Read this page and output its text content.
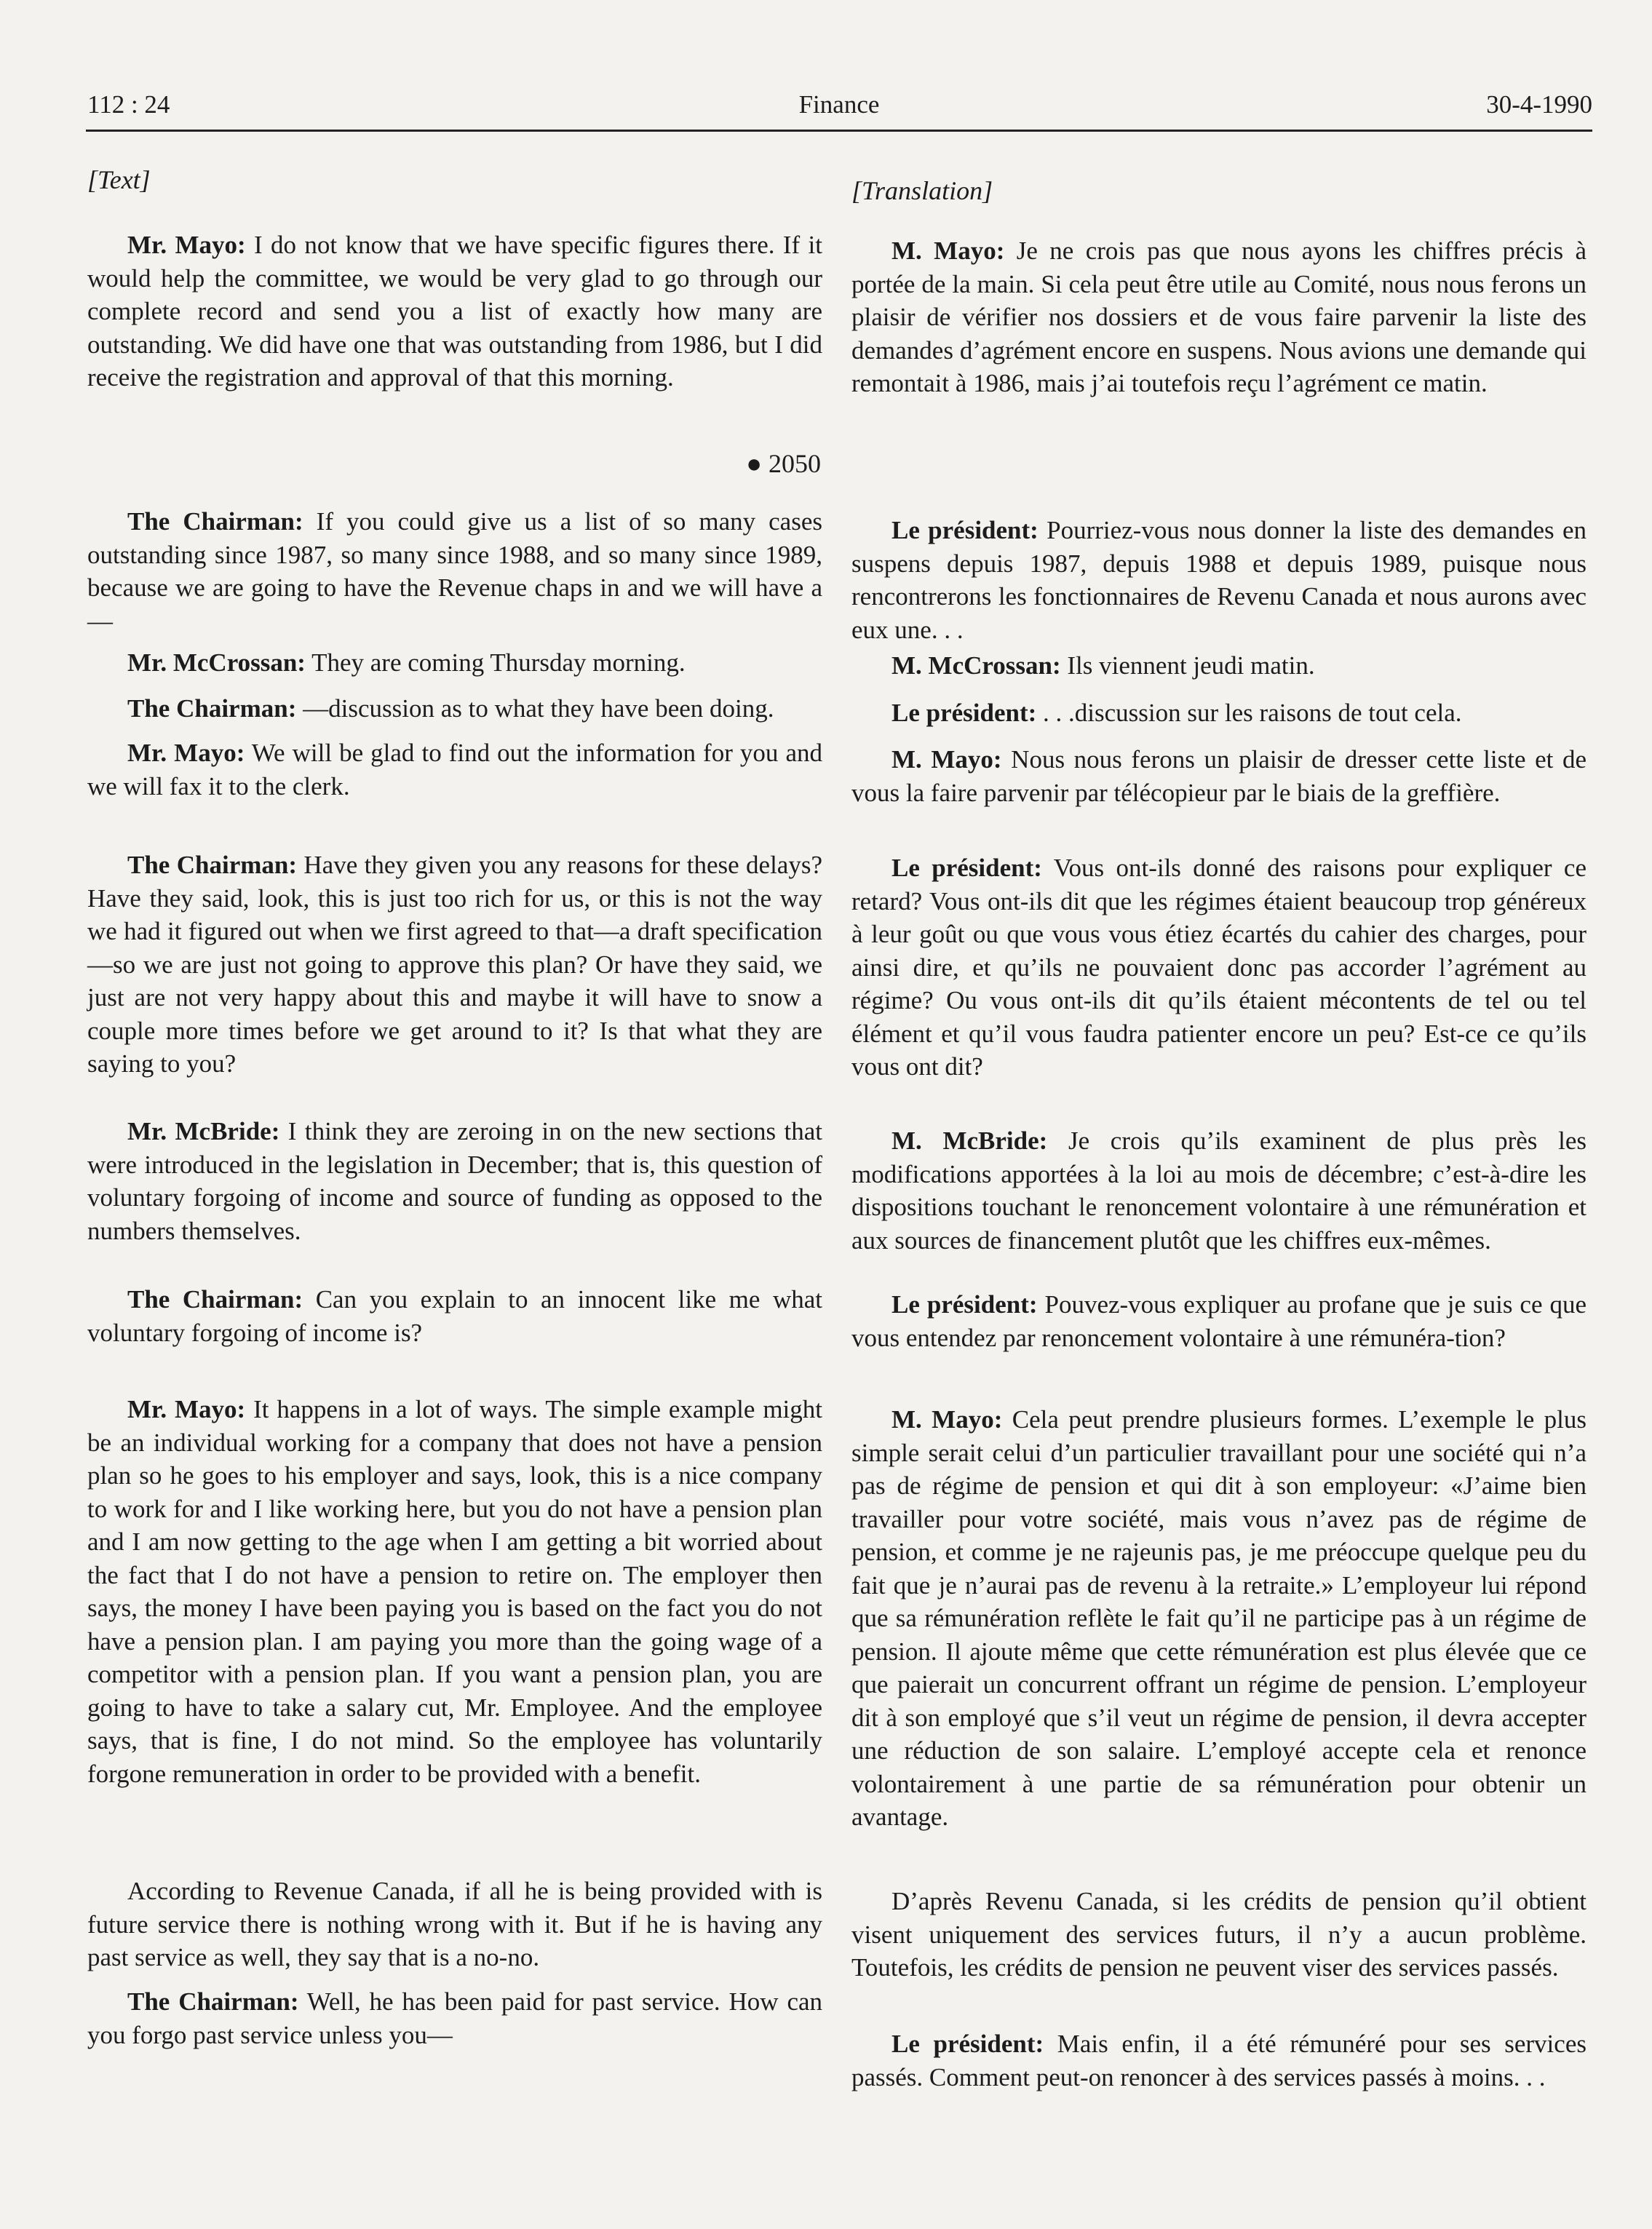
112 : 24	Finance	30-4-1990
[Text]

Mr. Mayo: I do not know that we have specific figures there. If it would help the committee, we would be very glad to go through our complete record and send you a list of exactly how many are outstanding. We did have one that was outstanding from 1986, but I did receive the registration and approval of that this morning.

● 2050

The Chairman: If you could give us a list of so many cases outstanding since 1987, so many since 1988, and so many since 1989, because we are going to have the Revenue chaps in and we will have a—

Mr. McCrossan: They are coming Thursday morning.

The Chairman: —discussion as to what they have been doing.

Mr. Mayo: We will be glad to find out the information for you and we will fax it to the clerk.

The Chairman: Have they given you any reasons for these delays? Have they said, look, this is just too rich for us, or this is not the way we had it figured out when we first agreed to that—a draft specification—so we are just not going to approve this plan? Or have they said, we just are not very happy about this and maybe it will have to snow a couple more times before we get around to it? Is that what they are saying to you?

Mr. McBride: I think they are zeroing in on the new sections that were introduced in the legislation in December; that is, this question of voluntary forgoing of income and source of funding as opposed to the numbers themselves.

The Chairman: Can you explain to an innocent like me what voluntary forgoing of income is?

Mr. Mayo: It happens in a lot of ways. The simple example might be an individual working for a company that does not have a pension plan so he goes to his employer and says, look, this is a nice company to work for and I like working here, but you do not have a pension plan and I am now getting to the age when I am getting a bit worried about the fact that I do not have a pension to retire on. The employer then says, the money I have been paying you is based on the fact you do not have a pension plan. I am paying you more than the going wage of a competitor with a pension plan. If you want a pension plan, you are going to have to take a salary cut, Mr. Employee. And the employee says, that is fine, I do not mind. So the employee has voluntarily forgone remuneration in order to be provided with a benefit.

According to Revenue Canada, if all he is being provided with is future service there is nothing wrong with it. But if he is having any past service as well, they say that is a no-no.

The Chairman: Well, he has been paid for past service. How can you forgo past service unless you—

[Translation]

M. Mayo: Je ne crois pas que nous ayons les chiffres précis à portée de la main. Si cela peut être utile au Comité, nous nous ferons un plaisir de vérifier nos dossiers et de vous faire parvenir la liste des demandes d’agrément encore en suspens. Nous avions une demande qui remontait à 1986, mais j’ai toutefois reçu l’agrément ce matin.

Le président: Pourriez-vous nous donner la liste des demandes en suspens depuis 1987, depuis 1988 et depuis 1989, puisque nous rencontrerons les fonctionnaires de Revenu Canada et nous aurons avec eux une. . .

M. McCrossan: Ils viennent jeudi matin.

Le président: . . .discussion sur les raisons de tout cela.

M. Mayo: Nous nous ferons un plaisir de dresser cette liste et de vous la faire parvenir par télécopieur par le biais de la greffière.

Le président: Vous ont-ils donné des raisons pour expliquer ce retard? Vous ont-ils dit que les régimes étaient beaucoup trop généreux à leur goût ou que vous vous étiez écartés du cahier des charges, pour ainsi dire, et qu’ils ne pouvaient donc pas accorder l’agrément au régime? Ou vous ont-ils dit qu’ils étaient mécontents de tel ou tel élément et qu’il vous faudra patienter encore un peu? Est-ce ce qu’ils vous ont dit?

M. McBride: Je crois qu’ils examinent de plus près les modifications apportées à la loi au mois de décembre; c’est-à-dire les dispositions touchant le renoncement volontaire à une rémunération et aux sources de financement plutôt que les chiffres eux-mêmes.

Le président: Pouvez-vous expliquer au profane que je suis ce que vous entendez par renoncement volontaire à une rémunéra-tion?

M. Mayo: Cela peut prendre plusieurs formes. L’exemple le plus simple serait celui d’un particulier travaillant pour une société qui n’a pas de régime de pension et qui dit à son employeur: «J’aime bien travailler pour votre société, mais vous n’avez pas de régime de pension, et comme je ne rajeunis pas, je me préoccupe quelque peu du fait que je n’aurai pas de revenu à la retraite.» L’employeur lui répond que sa rémunération reflète le fait qu’il ne participe pas à un régime de pension. Il ajoute même que cette rémunération est plus élevée que ce que paierait un concurrent offrant un régime de pension. L’employeur dit à son employé que s’il veut un régime de pension, il devra accepter une réduction de son salaire. L’employé accepte cela et renonce volontairement à une partie de sa rémunération pour obtenir un avantage.

D’après Revenu Canada, si les crédits de pension qu’il obtient visent uniquement des services futurs, il n’y a aucun problème. Toutefois, les crédits de pension ne peuvent viser des services passés.

Le président: Mais enfin, il a été rémunéré pour ses services passés. Comment peut-on renoncer à des services passés à moins. . .
